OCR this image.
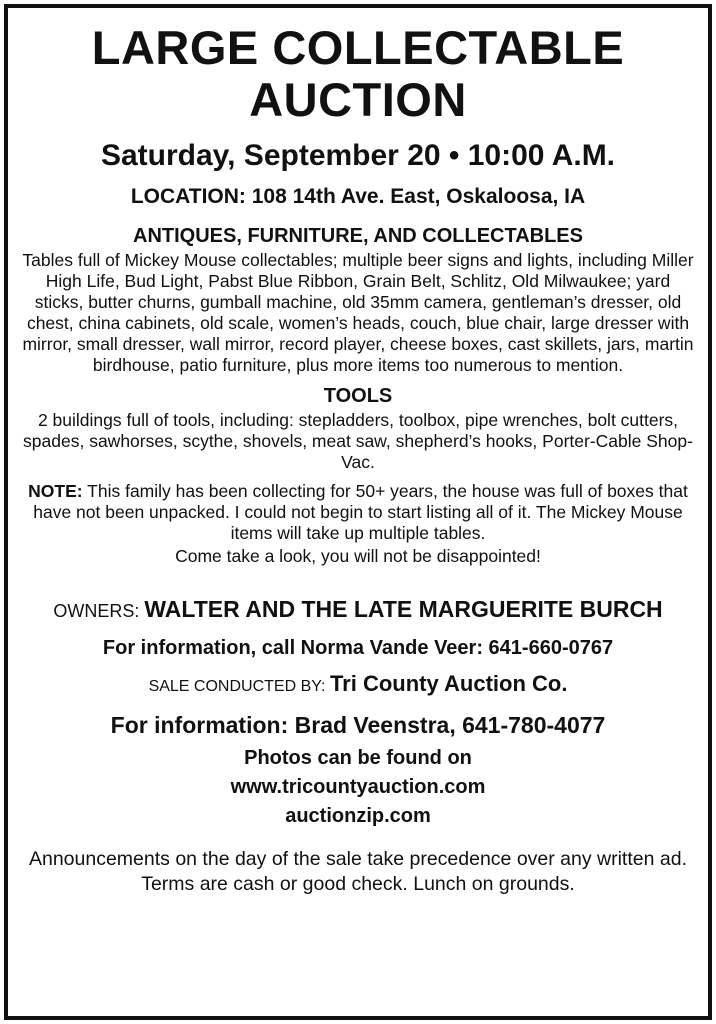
LARGE COLLECTABLE
AUCTION
Saturday, September 20 • 10:00 A.M.
LOCATION: 108 14th Ave. East, Oskaloosa, IA
ANTIQUES, FURNITURE, AND COLLECTABLES
Tables full of Mickey Mouse collectables; multiple beer signs and lights, including Miller High Life, Bud Light, Pabst Blue Ribbon, Grain Belt, Schlitz, Old Milwaukee; yard sticks, butter churns, gumball machine, old 35mm camera, gentleman’s dresser, old chest, china cabinets, old scale, women’s heads, couch, blue chair, large dresser with mirror, small dresser, wall mirror, record player, cheese boxes, cast skillets, jars, martin birdhouse, patio furniture, plus more items too numerous to mention.
TOOLS
2 buildings full of tools, including: stepladders, toolbox, pipe wrenches, bolt cutters, spades, sawhorses, scythe, shovels, meat saw, shepherd’s hooks, Porter-Cable Shop-Vac.
NOTE: This family has been collecting for 50+ years, the house was full of boxes that have not been unpacked. I could not begin to start listing all of it. The Mickey Mouse items will take up multiple tables.
Come take a look, you will not be disappointed!
OWNERS: WALTER AND THE LATE MARGUERITE BURCH
For information, call Norma Vande Veer: 641-660-0767
SALE CONDUCTED BY: Tri County Auction Co.
For information: Brad Veenstra, 641-780-4077
Photos can be found on
www.tricountyauction.com
auctionzip.com
Announcements on the day of the sale take precedence over any written ad. Terms are cash or good check. Lunch on grounds.
